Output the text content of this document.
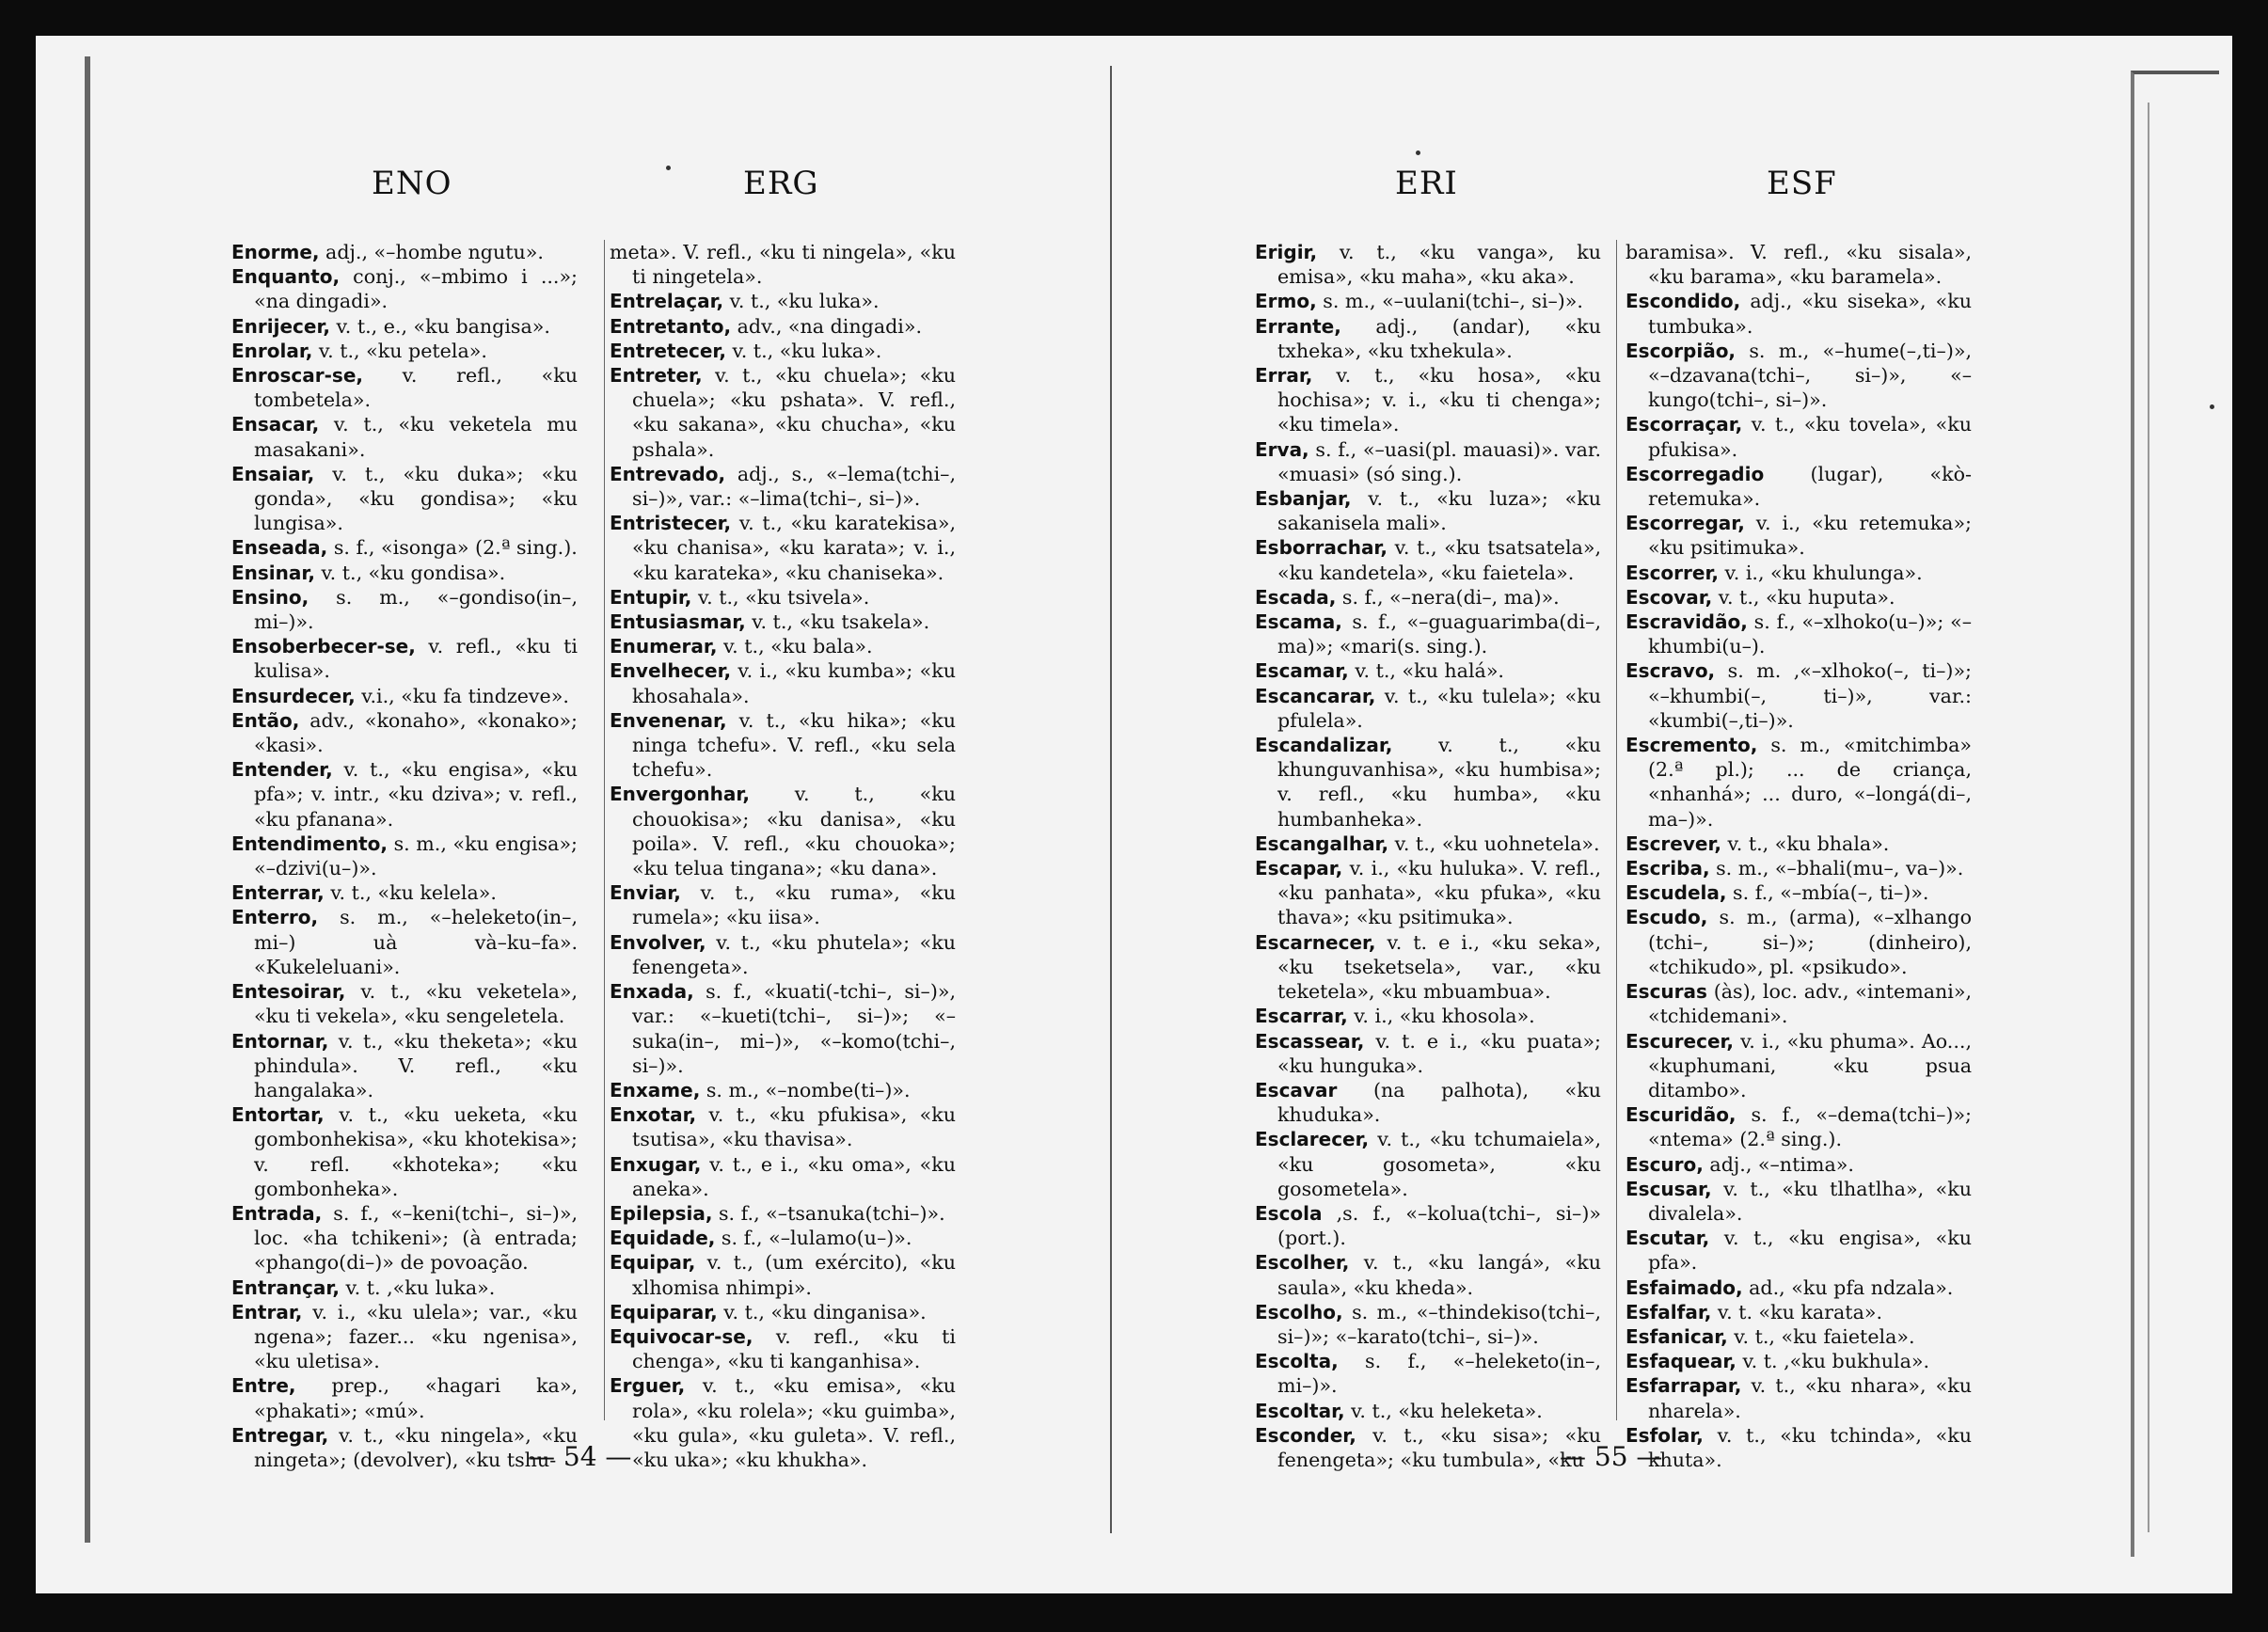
ENO	ERG	ERI	ESF

Enorme, adj., «–hombe ngutu».

Enquanto, conj., «–mbimo i ...»; «na dingadi».

Enrijecer, v. t., e., «ku bangisa».

Enrolar, v. t., «ku petela».

Enroscar-se, v. refl., «ku tombetela».

Ensacar, v. t., «ku veketela mu masakani».

Ensaiar, v. t., «ku duka»; «ku gonda», «ku gondisa»; «ku lungisa».

Enseada, s. f., «isonga» (2.ª sing.).

Ensinar, v. t., «ku gondisa».

Ensino, s. m., «–gondiso(in–, mi–)».

Ensoberbecer-se, v. refl., «ku ti kulisa».

Ensurdecer, v.i., «ku fa tindzeve».

Então, adv., «konaho», «konako»; «kasi».

Entender, v. t., «ku engisa», «ku pfa»; v. intr., «ku dziva»; v. refl., «ku pfanana».

Entendimento, s. m., «ku engisa»; «–dzivi(u–)».

Enterrar, v. t., «ku kelela».

Enterro, s. m., «–heleketo(in–, mi–) uà và–ku–fa». «Kukeleluani».

Entesoirar, v. t., «ku veketela», «ku ti vekela», «ku sengeletela.

Entornar, v. t., «ku theketa»; «ku phindula». V. refl., «ku hangalaka».

Entortar, v. t., «ku ueketa, «ku gombonhekisa», «ku khotekisa»; v. refl. «khoteka»; «ku gombonheka».

Entrada, s. f., «–keni(tchi–, si–)», loc. «ha tchikeni»; (à entrada; «phango(di–)» de povoação.

Entrançar, v. t. ,«ku luka».

Entrar, v. i., «ku ulela»; var., «ku ngena»; fazer... «ku ngenisa», «ku uletisa».

Entre, prep., «hagari ka», «phakati»; «mú».

Entregar, v. t., «ku ningela», «ku ningeta»; (devolver), «ku tshu-

meta». V. refl., «ku ti ningela», «ku ti ningetela».

Entrelaçar, v. t., «ku luka».

Entretanto, adv., «na dingadi».

Entretecer, v. t., «ku luka».

Entreter, v. t., «ku chuela»; «ku chuela»; «ku pshata». V. refl., «ku sakana», «ku chucha», «ku pshala».

Entrevado, adj., s., «–lema(tchi–, si–)», var.: «–lima(tchi–, si–)».

Entristecer, v. t., «ku karatekisa», «ku chanisa», «ku karata»; v. i., «ku karateka», «ku chaniseka».

Entupir, v. t., «ku tsivela».

Entusiasmar, v. t., «ku tsakela».

Enumerar, v. t., «ku bala».

Envelhecer, v. i., «ku kumba»; «ku khosahala».

Envenenar, v. t., «ku hika»; «ku ninga tchefu». V. refl., «ku sela tchefu».

Envergonhar, v. t., «ku chouokisa»; «ku danisa», «ku poila». V. refl., «ku chouoka»; «ku telua tingana»; «ku dana».

Enviar, v. t., «ku ruma», «ku rumela»; «ku iisa».

Envolver, v. t., «ku phutela»; «ku fenengeta».

Enxada, s. f., «kuati(-tchi–, si–)», var.: «–kueti(tchi–, si–)»; «–suka(in–, mi–)», «–komo(tchi–, si–)».

Enxame, s. m., «–nombe(ti–)».

Enxotar, v. t., «ku pfukisa», «ku tsutisa», «ku thavisa».

Enxugar, v. t., e i., «ku oma», «ku aneka».

Epilepsia, s. f., «–tsanuka(tchi–)».

Equidade, s. f., «–lulamo(u–)».

Equipar, v. t., (um exército), «ku xlhomisa nhimpi».

Equiparar, v. t., «ku dinganisa».

Equivocar-se, v. refl., «ku ti chenga», «ku ti kanganhisa».

Erguer, v. t., «ku emisa», «ku rola», «ku rolela»; «ku guimba», «ku gula», «ku guleta». V. refl., «ku uka»; «ku khukha».

Erigir, v. t., «ku vanga», ku emisa», «ku maha», «ku aka».

Ermo, s. m., «–uulani(tchi–, si–)».

Errante, adj., (andar), «ku txheka», «ku txhekula».

Errar, v. t., «ku hosa», «ku hochisa»; v. i., «ku ti chenga»; «ku timela».

Erva, s. f., «–uasi(pl. mauasi)». var. «muasi» (só sing.).

Esbanjar, v. t., «ku luza»; «ku sakanisela mali».

Esborrachar, v. t., «ku tsatsatela», «ku kandetela», «ku faietela».

Escada, s. f., «–nera(di–, ma)».

Escama, s. f., «–guaguarimba(di–, ma)»; «mari(s. sing.).

Escamar, v. t., «ku halá».

Escancarar, v. t., «ku tulela»; «ku pfulela».

Escandalizar, v. t., «ku khunguvanhisa», «ku humbisa»; v. refl., «ku humba», «ku humbanheka».

Escangalhar, v. t., «ku uohnetela».

Escapar, v. i., «ku huluka». V. refl., «ku panhata», «ku pfuka», «ku thava»; «ku psitimuka».

Escarnecer, v. t. e i., «ku seka», «ku tseketsela», var., «ku teketela», «ku mbuambua».

Escarrar, v. i., «ku khosola».

Escassear, v. t. e i., «ku puata»; «ku hunguka».

Escavar (na palhota), «ku khuduka».

Esclarecer, v. t., «ku tchumaiela», «ku gosometa», «ku gosometela».

Escola ,s. f., «–kolua(tchi–, si–)» (port.).

Escolher, v. t., «ku langá», «ku saula», «ku kheda».

Escolho, s. m., «–thindekiso(tchi–, si–)»; «–karato(tchi–, si–)».

Escolta, s. f., «–heleketo(in–, mi–)».

Escoltar, v. t., «ku heleketa».

Esconder, v. t., «ku sisa»; «ku fenengeta»; «ku tumbula», «ku

baramisa». V. refl., «ku sisala», «ku barama», «ku baramela».

Escondido, adj., «ku siseka», «ku tumbuka».

Escorpião, s. m., «–hume(–,ti–)», «–dzavana(tchi–, si–)», «–kungo(tchi–, si–)».

Escorraçar, v. t., «ku tovela», «ku pfukisa».

Escorregadio (lugar), «kò-retemuka».

Escorregar, v. i., «ku retemuka»; «ku psitimuka».

Escorrer, v. i., «ku khulunga».

Escovar, v. t., «ku huputa».

Escravidão, s. f., «–xlhoko(u–)»; «–khumbi(u–).

Escravo, s. m. ,«–xlhoko(–, ti–)»; «–khumbi(–, ti–)», var.: «kumbi(–,ti–)».

Escremento, s. m., «mitchimba» (2.ª pl.); ... de criança, «nhanhá»; ... duro, «–longá(di–, ma–)».

Escrever, v. t., «ku bhala».

Escriba, s. m., «–bhali(mu–, va–)».

Escudela, s. f., «–mbía(–, ti–)».

Escudo, s. m., (arma), «–xlhango (tchi–, si–)»; (dinheiro), «tchikudo», pl. «psikudo».

Escuras (às), loc. adv., «intemani», «tchidemani».

Escurecer, v. i., «ku phuma». Ao..., «kuphumani, «ku psua ditambo».

Escuridão, s. f., «–dema(tchi–)»; «ntema» (2.ª sing.).

Escuro, adj., «–ntima».

Escusar, v. t., «ku tlhatlha», «ku divalela».

Escutar, v. t., «ku engisa», «ku pfa».

Esfaimado, ad., «ku pfa ndzala».

Esfalfar, v. t. «ku karata».

Esfanicar, v. t., «ku faietela».

Esfaquear, v. t. ,«ku bukhula».

Esfarrapar, v. t., «ku nhara», «ku nharela».

Esfolar, v. t., «ku tchinda», «ku khuta».

— 54 —	— 55 —
